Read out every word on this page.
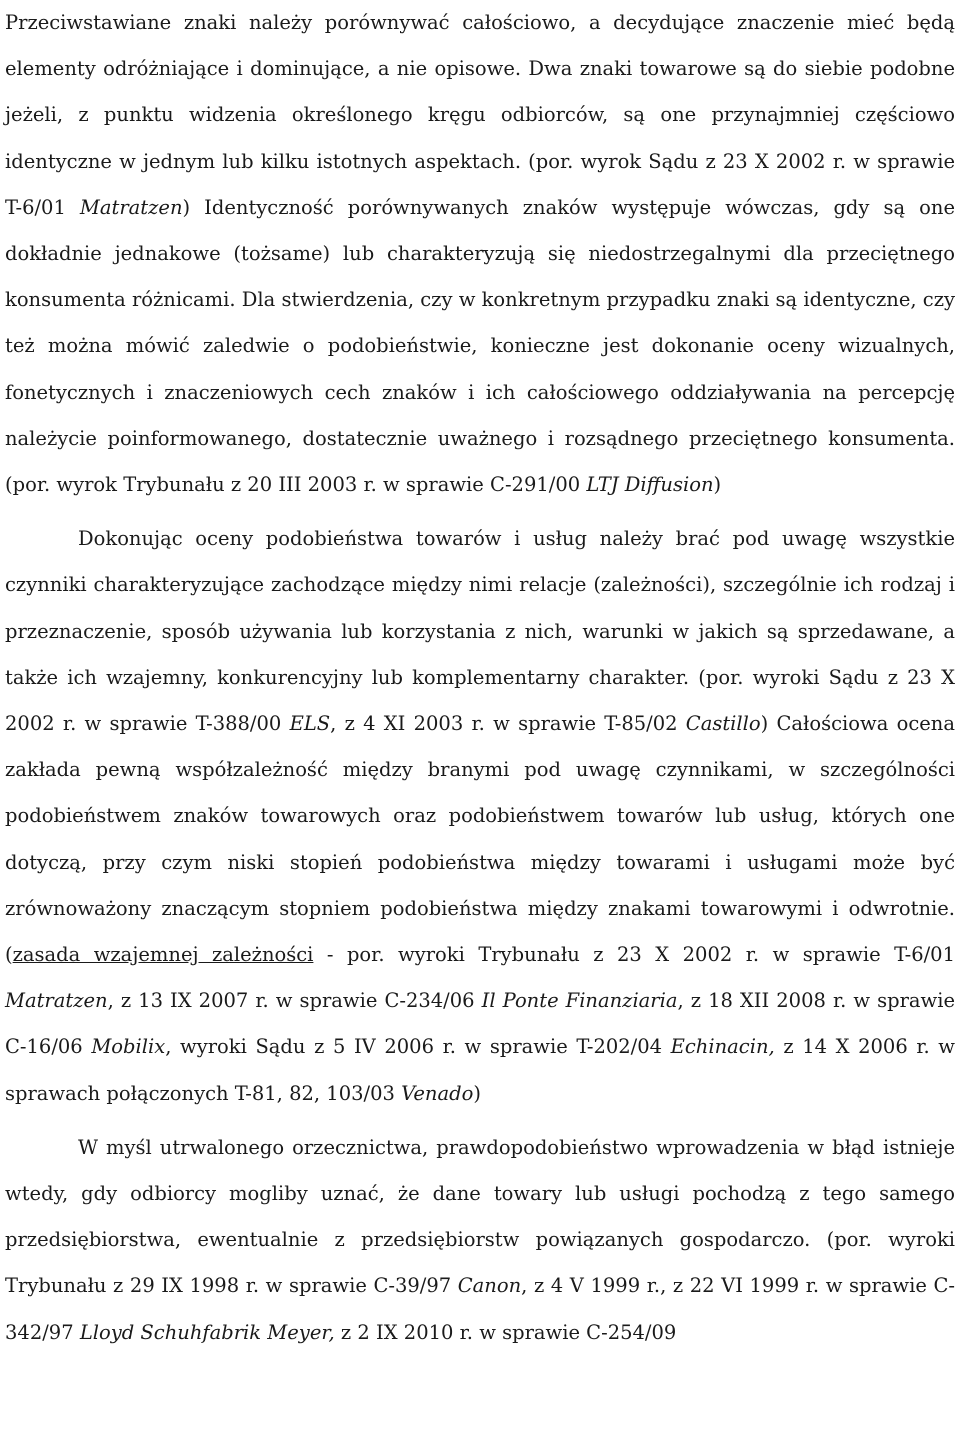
Przeciwstawiane znaki należy porównywać całościowo, a decydujące znaczenie mieć będą elementy odróżniające i dominujące, a nie opisowe. Dwa znaki towarowe są do siebie podobne jeżeli, z punktu widzenia określonego kręgu odbiorców, są one przynajmniej częściowo identyczne w jednym lub kilku istotnych aspektach. (por. wyrok Sądu z 23 X 2002 r. w sprawie T-6/01 Matratzen) Identyczność porównywanych znaków występuje wówczas, gdy są one dokładnie jednakowe (tożsame) lub charakteryzują się niedostrzegalnymi dla przeciętnego konsumenta różnicami. Dla stwierdzenia, czy w konkretnym przypadku znaki są identyczne, czy też można mówić zaledwie o podobieństwie, konieczne jest dokonanie oceny wizualnych, fonetycznych i znaczeniowych cech znaków i ich całościowego oddziaływania na percepcję należycie poinformowanego, dostatecznie uważnego i rozsądnego przeciętnego konsumenta. (por. wyrok Trybunału z 20 III 2003 r. w sprawie C-291/00 LTJ Diffusion)

Dokonując oceny podobieństwa towarów i usług należy brać pod uwagę wszystkie czynniki charakteryzujące zachodzące między nimi relacje (zależności), szczególnie ich rodzaj i przeznaczenie, sposób używania lub korzystania z nich, warunki w jakich są sprzedawane, a także ich wzajemny, konkurencyjny lub komplementarny charakter. (por. wyroki Sądu z 23 X 2002 r. w sprawie T-388/00 ELS, z 4 XI 2003 r. w sprawie T-85/02 Castillo) Całościowa ocena zakłada pewną współzależność między branymi pod uwagę czynnikami, w szczególności podobieństwem znaków towarowych oraz podobieństwem towarów lub usług, których one dotyczą, przy czym niski stopień podobieństwa między towarami i usługami może być zrównoważony znaczącym stopniem podobieństwa między znakami towarowymi i odwrotnie. (zasada wzajemnej zależności - por. wyroki Trybunału z 23 X 2002 r. w sprawie T-6/01 Matratzen, z 13 IX 2007 r. w sprawie C-234/06 Il Ponte Finanziaria, z 18 XII 2008 r. w sprawie C-16/06 Mobilix, wyroki Sądu z 5 IV 2006 r. w sprawie T-202/04 Echinacin, z 14 X 2006 r. w sprawach połączonych T-81, 82, 103/03 Venado)

W myśl utrwalonego orzecznictwa, prawdopodobieństwo wprowadzenia w błąd istnieje wtedy, gdy odbiorcy mogliby uznać, że dane towary lub usługi pochodzą z tego samego przedsiębiorstwa, ewentualnie z przedsiębiorstw powiązanych gospodarczo. (por. wyroki Trybunału z 29 IX 1998 r. w sprawie C-39/97 Canon, z 4 V 1999 r., z 22 VI 1999 r. w sprawie C-342/97 Lloyd Schuhfabrik Meyer, z 2 IX 2010 r. w sprawie C-254/09
